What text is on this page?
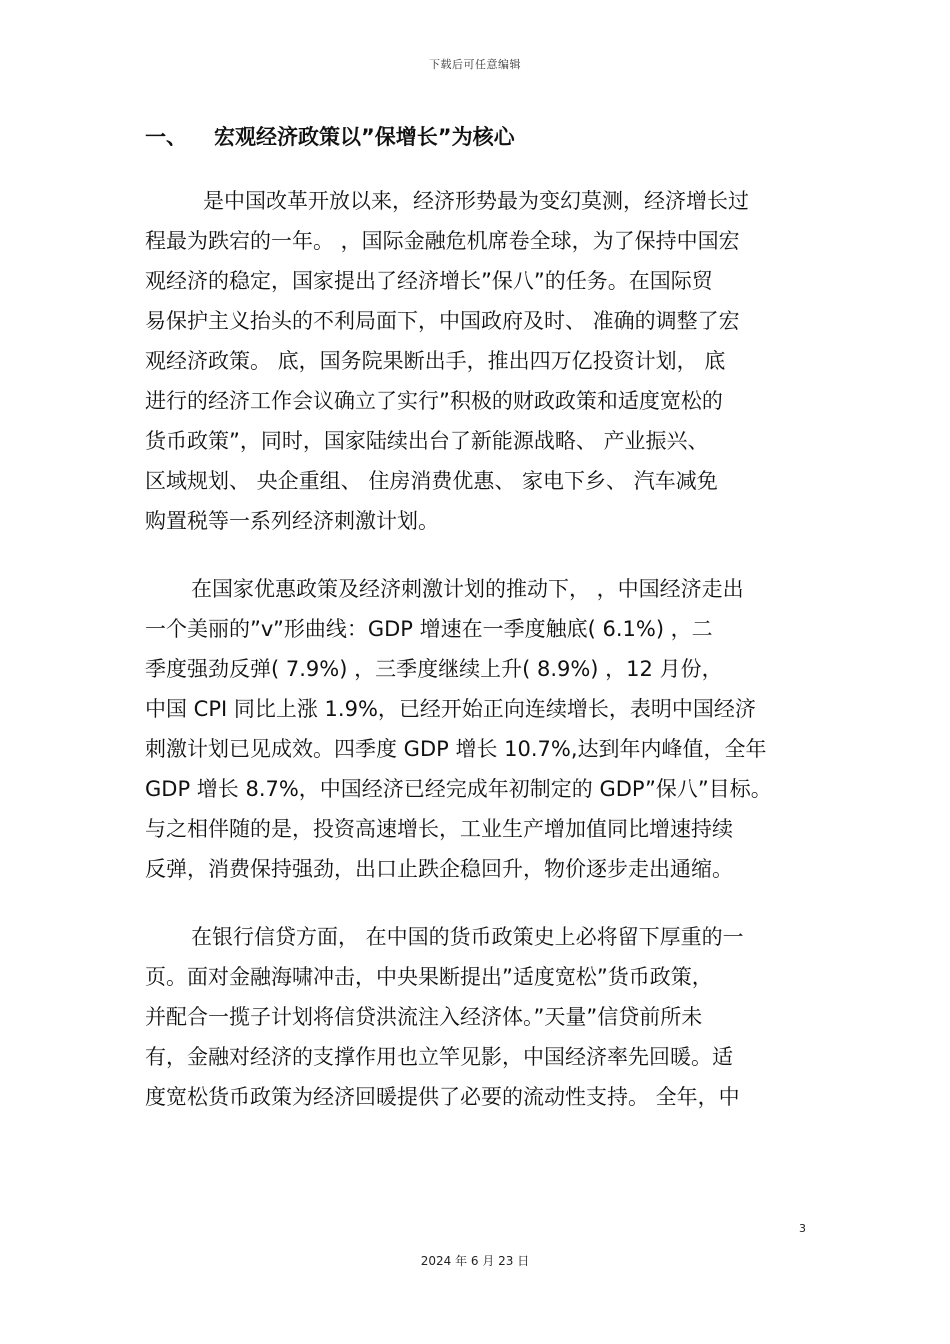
下载后可任意编辑
一、 宏观经济政策以”保增长”为核心
是中国改革开放以来，经济形势最为变幻莫测，经济增长过
程最为跌宕的一年。 ，国际金融危机席卷全球，为了保持中国宏
观经济的稳定，国家提出了经济增长”保八”的任务。在国际贸
易保护主义抬头的不利局面下，中国政府及时、 准确的调整了宏
观经济政策。 底，国务院果断出手，推出四万亿投资计划， 底
进行的经济工作会议确立了实行”积极的财政政策和适度宽松的
货币政策”，同时，国家陆续出台了新能源战略、 产业振兴、
区域规划、 央企重组、 住房消费优惠、 家电下乡、 汽车减免
购置税等一系列经济刺激计划。
在国家优惠政策及经济刺激计划的推动下， ，中国经济走出
一个美丽的”v”形曲线：GDP 增速在一季度触底( 6.1%) ，二
季度强劲反弹( 7.9%) ，三季度继续上升( 8.9%) ，12 月份，
中国 CPI 同比上涨 1.9%，已经开始正向连续增长，表明中国经济
刺激计划已见成效。四季度 GDP 增长 10.7%,达到年内峰值，全年
GDP 增长 8.7%，中国经济已经完成年初制定的 GDP”保八”目标。
与之相伴随的是，投资高速增长，工业生产增加值同比增速持续
反弹，消费保持强劲，出口止跌企稳回升，物价逐步走出通缩。
在银行信贷方面， 在中国的货币政策史上必将留下厚重的一
页。面对金融海啸冲击，中央果断提出”适度宽松”货币政策，
并配合一揽子计划将信贷洪流注入经济体。”天量”信贷前所未
有，金融对经济的支撑作用也立竿见影，中国经济率先回暖。适
度宽松货币政策为经济回暖提供了必要的流动性支持。 全年，中
3
2024 年 6 月 23 日
